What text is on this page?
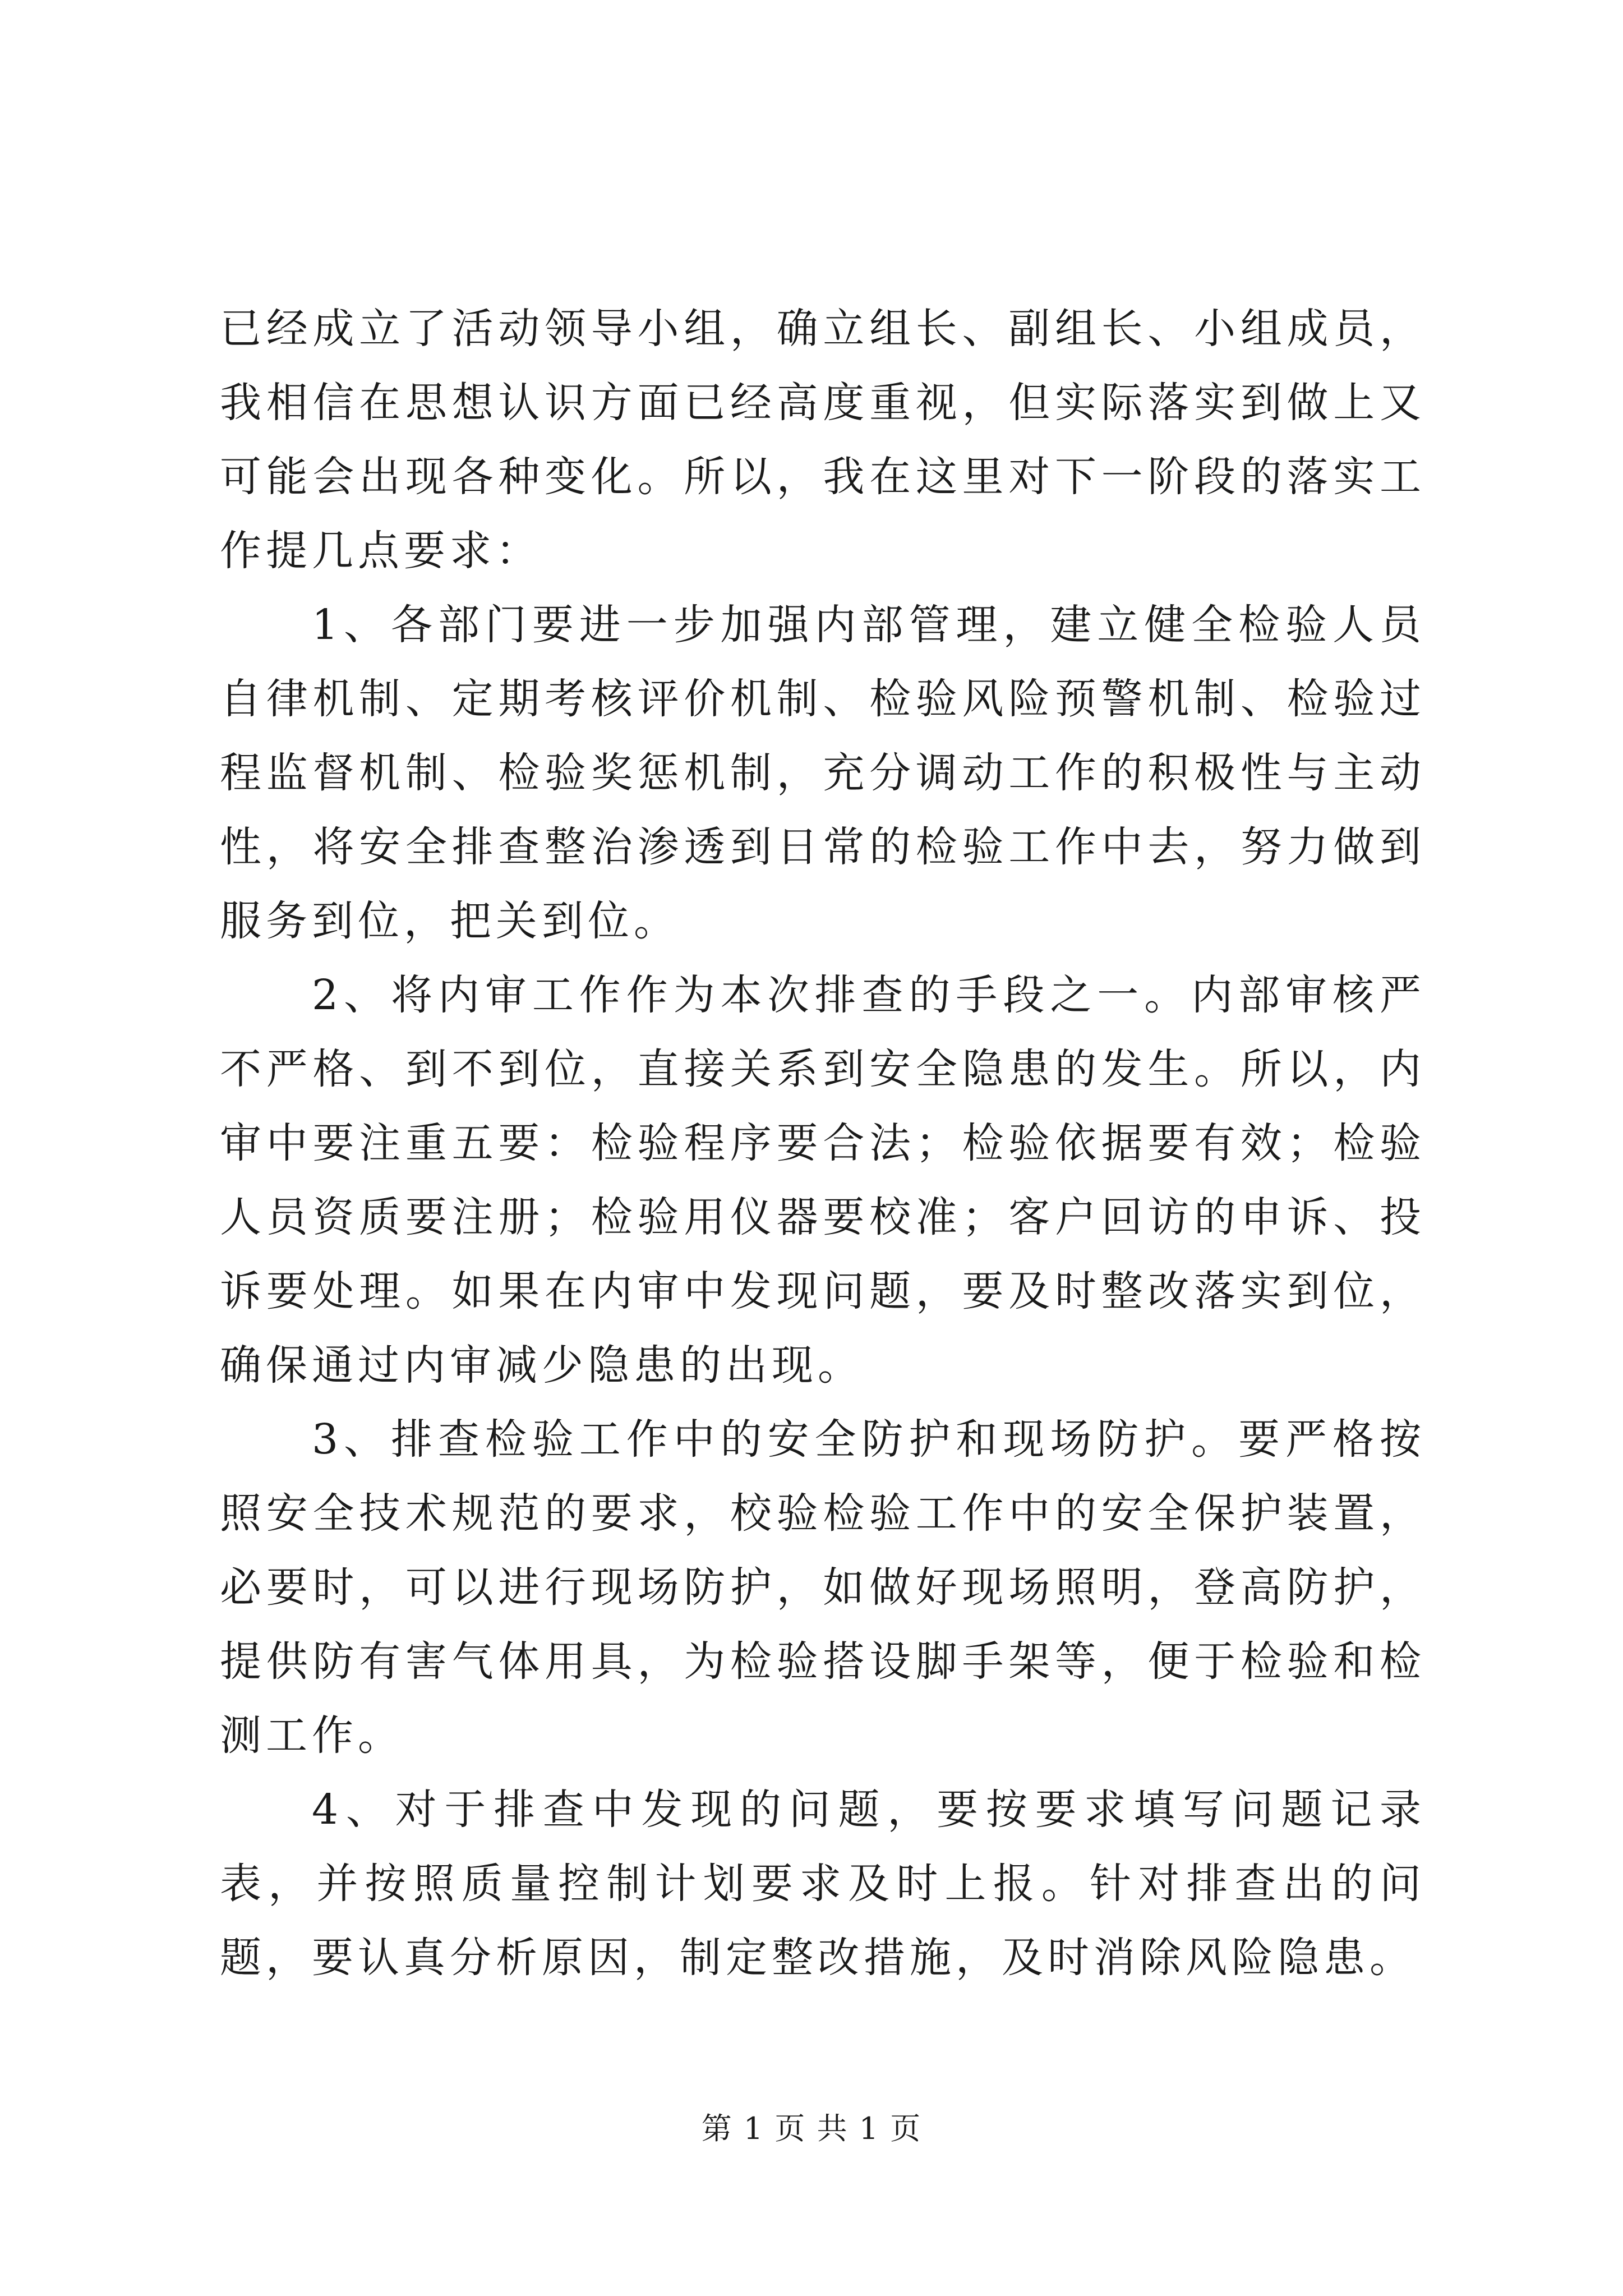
已经成立了活动领导小组，确立组长、副组长、小组成员，我相信在思想认识方面已经高度重视，但实际落实到做上又可能会出现各种变化。所以，我在这里对下一阶段的落实工作提几点要求：

1、各部门要进一步加强内部管理，建立健全检验人员自律机制、定期考核评价机制、检验风险预警机制、检验过程监督机制、检验奖惩机制，充分调动工作的积极性与主动性，将安全排查整治渗透到日常的检验工作中去，努力做到服务到位，把关到位。

2、将内审工作作为本次排查的手段之一。内部审核严不严格、到不到位，直接关系到安全隐患的发生。所以，内审中要注重五要：检验程序要合法；检验依据要有效；检验人员资质要注册；检验用仪器要校准；客户回访的申诉、投诉要处理。如果在内审中发现问题，要及时整改落实到位，确保通过内审减少隐患的出现。

3、排查检验工作中的安全防护和现场防护。要严格按照安全技术规范的要求，校验检验工作中的安全保护装置，必要时，可以进行现场防护，如做好现场照明，登高防护，提供防有害气体用具，为检验搭设脚手架等，便于检验和检测工作。

4、对于排查中发现的问题，要按要求填写问题记录表，并按照质量控制计划要求及时上报。针对排查出的问题，要认真分析原因，制定整改措施，及时消除风险隐患。

第 1 页 共 1 页
